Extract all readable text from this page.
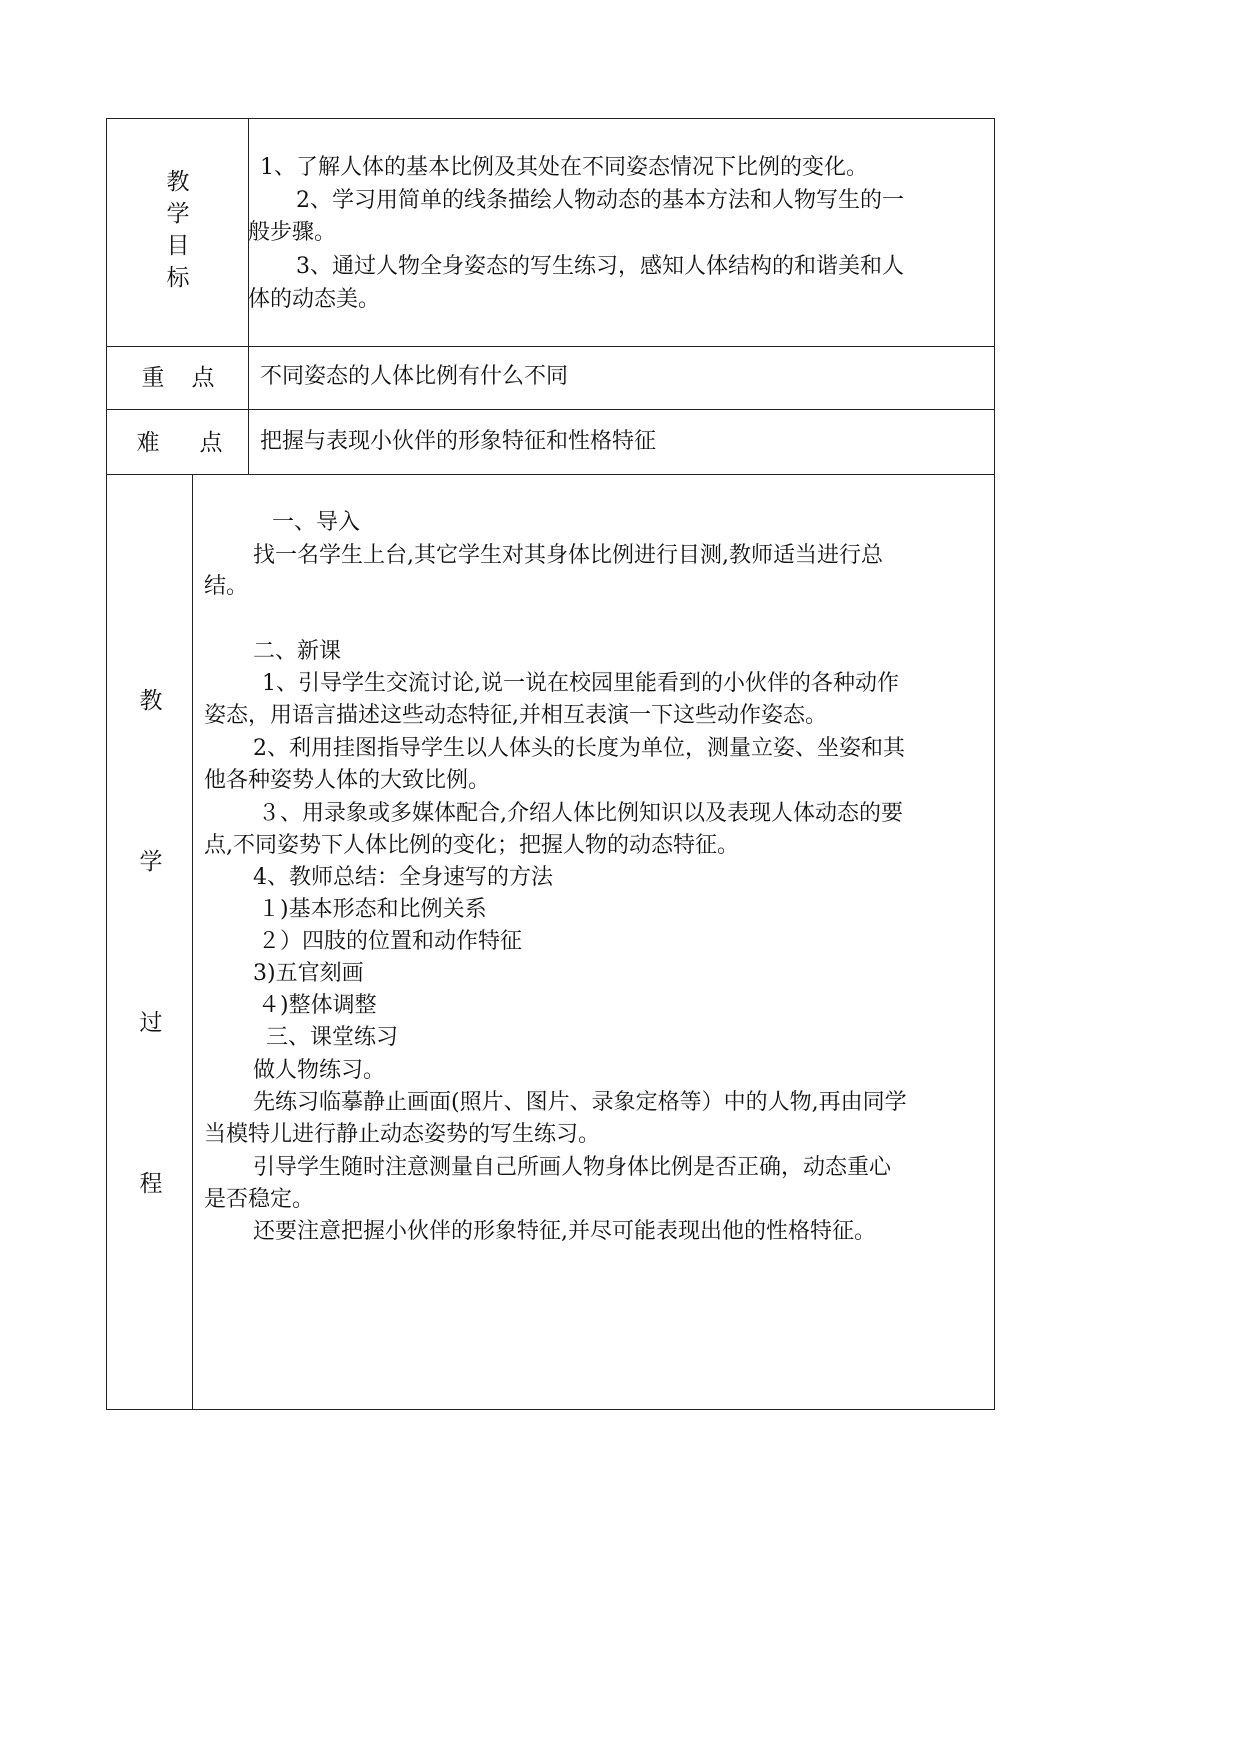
教
学
目
标
1、了解人体的基本比例及其处在不同姿态情况下比例的变化。
2、学习用简单的线条描绘人物动态的基本方法和人物写生的一
般步骤。
3、通过人物全身姿态的写生练习，感知人体结构的和谐美和人
体的动态美。
重 点 不同姿态的人体比例有什么不同
难 点 把握与表现小伙伴的形象特征和性格特征
教
学
过
程
一、导入
找一名学生上台,其它学生对其身体比例进行目测,教师适当进行总
结。
二、新课
1、引导学生交流讨论,说一说在校园里能看到的小伙伴的各种动作
姿态，用语言描述这些动态特征,并相互表演一下这些动作姿态。
2、利用挂图指导学生以人体头的长度为单位，测量立姿、坐姿和其
他各种姿势人体的大致比例。
３、用录象或多媒体配合,介绍人体比例知识以及表现人体动态的要
点,不同姿势下人体比例的变化；把握人物的动态特征。
4、教师总结：全身速写的方法
１)基本形态和比例关系
２）四肢的位置和动作特征
3)五官刻画
４)整体调整
三、课堂练习
做人物练习。
先练习临摹静止画面(照片、图片、录象定格等）中的人物,再由同学
当模特儿进行静止动态姿势的写生练习。
引导学生随时注意测量自己所画人物身体比例是否正确，动态重心
是否稳定。
还要注意把握小伙伴的形象特征,并尽可能表现出他的性格特征。
